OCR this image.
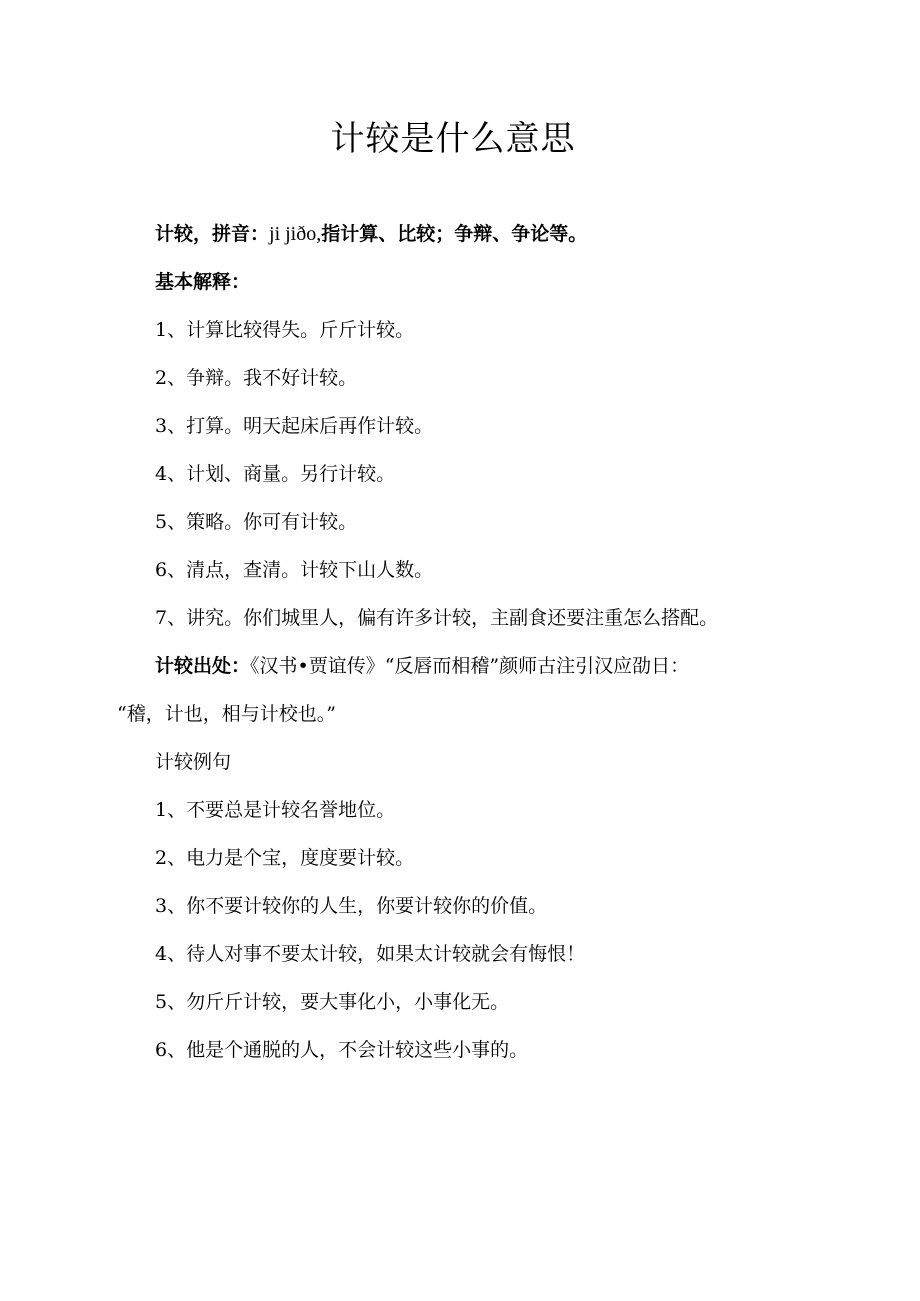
计较是什么意思

计较，拼音：ji jiðo,指计算、比较；争辩、争论等。

基本解释：

1、计算比较得失。斤斤计较。

2、争辩。我不好计较。

3、打算。明天起床后再作计较。

4、计划、商量。另行计较。

5、策略。你可有计较。

6、清点，查清。计较下山人数。

7、讲究。你们城里人，偏有许多计较，主副食还要注重怎么搭配。

计较出处：《汉书•贾谊传》“反唇而相稽”颜师古注引汉应劭日：

“稽，计也，相与计校也。”

计较例句

1、不要总是计较名誉地位。

2、电力是个宝，度度要计较。

3、你不要计较你的人生，你要计较你的价值。

4、待人对事不要太计较，如果太计较就会有悔恨！

5、勿斤斤计较，要大事化小，小事化无。

6、他是个通脱的人，不会计较这些小事的。
